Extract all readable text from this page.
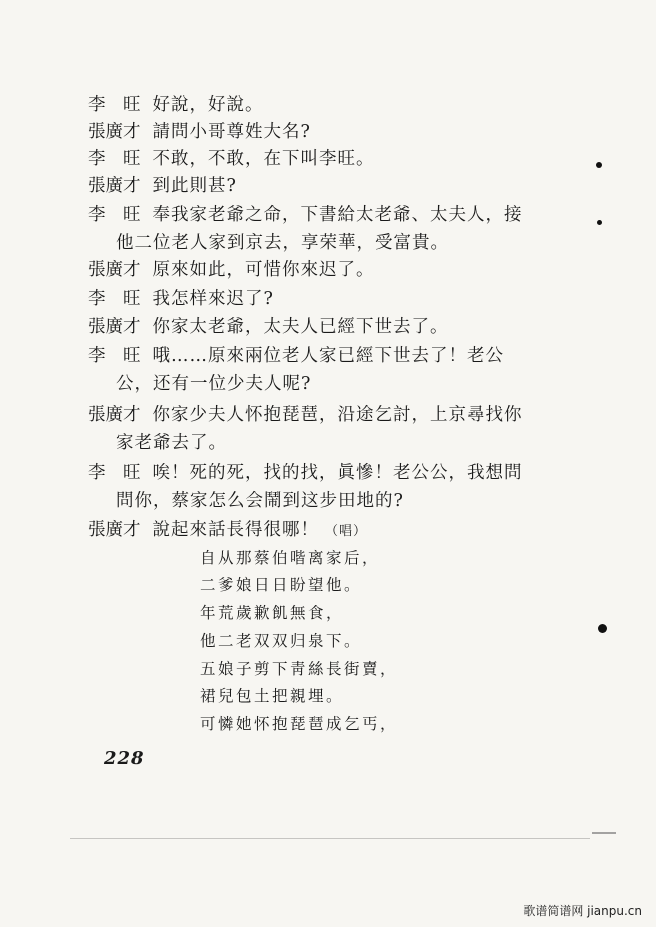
李　旺 好說，好說。
張廣才 請問小哥尊姓大名?
李　旺 不敢，不敢，在下叫李旺。
張廣才 到此則甚?
李　旺 奉我家老爺之命，下書給太老爺、太夫人，接
他二位老人家到京去，享荣華，受富貴。
張廣才 原來如此，可惜你來迟了。
李　旺 我怎样來迟了?
張廣才 你家太老爺，太夫人已經下世去了。
李　旺 哦……原來兩位老人家已經下世去了！老公
公，还有一位少夫人呢?
張廣才 你家少夫人怀抱琵琶，沿途乞討，上京尋找你
家老爺去了。
李　旺 唉！死的死，找的找，眞慘！老公公，我想問
問你，蔡家怎么会鬧到这步田地的?
張廣才 說起來話長得很哪！ （唱）
自从那蔡伯喈离家后，
二爹娘日日盼望他。
年荒歲歉飢無食，
他二老双双归泉下。
五娘子剪下靑絲長街賣，
裙兒包土把親埋。
可憐她怀抱琵琶成乞丐，
228
歌谱简谱网 jianpu.cn
